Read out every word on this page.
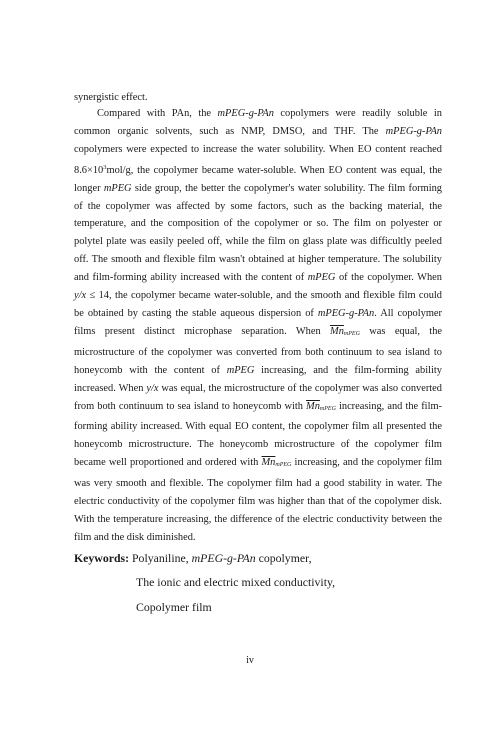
synergistic effect.

Compared with PAn, the mPEG-g-PAn copolymers were readily soluble in common organic solvents, such as NMP, DMSO, and THF. The mPEG-g-PAn copolymers were expected to increase the water solubility. When EO content reached $8.6\times 10^3mol/g$, the copolymer became water-soluble. When EO content was equal, the longer mPEG side group, the better the copolymer's water solubility. The film forming of the copolymer was affected by some factors, such as the backing material, the temperature, and the composition of the copolymer or so. The film on polyester or polytel plate was easily peeled off, while the film on glass plate was difficultly peeled off. The smooth and flexible film wasn't obtained at higher temperature. The solubility and film-forming ability increased with the content of mPEG of the copolymer. When y/x ≤ 14, the copolymer became water-soluble, and the smooth and flexible film could be obtained by casting the stable aqueous dispersion of mPEG-g-PAn. All copolymer films present distinct microphase separation. When $\overline{Mn}_{mPEG}$ was equal, the microstructure of the copolymer was converted from both continuum to sea island to honeycomb with the content of mPEG increasing, and the film-forming ability increased. When y/x was equal, the microstructure of the copolymer was also converted from both continuum to sea island to honeycomb with $\overline{Mn}_{mPEG}$ increasing, and the film-forming ability increased. With equal EO content, the copolymer film all presented the honeycomb microstructure. The honeycomb microstructure of the copolymer film became well proportioned and ordered with $\overline{Mn}_{mPEG}$ increasing, and the copolymer film was very smooth and flexible. The copolymer film had a good stability in water. The electric conductivity of the copolymer film was higher than that of the copolymer disk. With the temperature increasing, the difference of the electric conductivity between the film and the disk diminished.

Keywords: Polyaniline, mPEG-g-PAn copolymer,
The ionic and electric mixed conductivity,
Copolymer film
iv
